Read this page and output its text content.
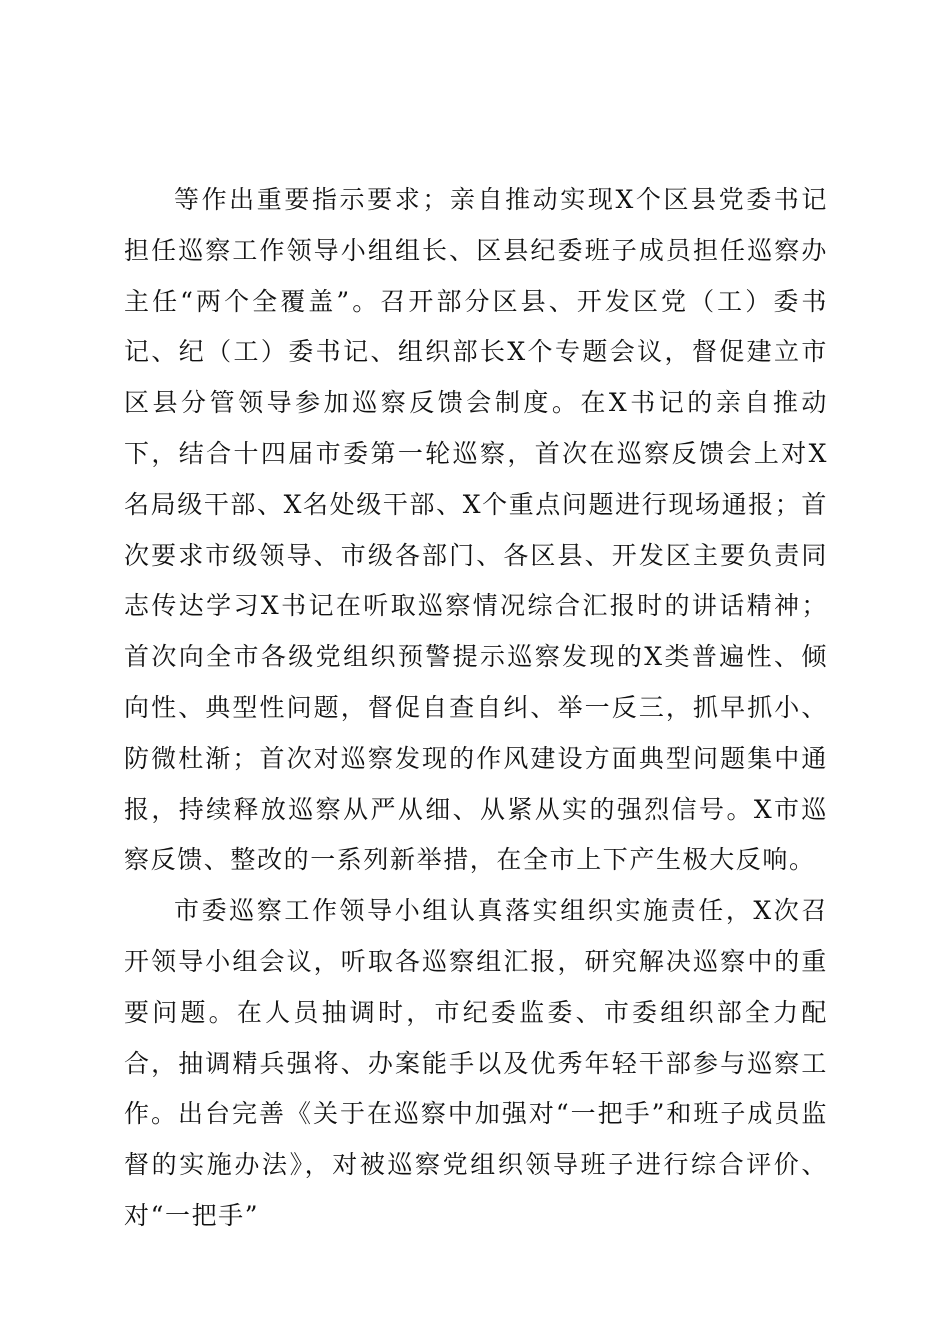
等作出重要指示要求；亲自推动实现X个区县党委书记担任巡察工作领导小组组长、区县纪委班子成员担任巡察办主任“两个全覆盖”。召开部分区县、开发区党（工）委书记、纪（工）委书记、组织部长X个专题会议，督促建立市区县分管领导参加巡察反馈会制度。在X书记的亲自推动下，结合十四届市委第一轮巡察，首次在巡察反馈会上对X名局级干部、X名处级干部、X个重点问题进行现场通报；首次要求市级领导、市级各部门、各区县、开发区主要负责同志传达学习X书记在听取巡察情况综合汇报时的讲话精神；首次向全市各级党组织预警提示巡察发现的X类普遍性、倾向性、典型性问题，督促自查自纠、举一反三，抓早抓小、防微杜渐；首次对巡察发现的作风建设方面典型问题集中通报，持续释放巡察从严从细、从紧从实的强烈信号。X市巡察反馈、整改的一系列新举措，在全市上下产生极大反响。

市委巡察工作领导小组认真落实组织实施责任，X次召开领导小组会议，听取各巡察组汇报，研究解决巡察中的重要问题。在人员抽调时，市纪委监委、市委组织部全力配合，抽调精兵强将、办案能手以及优秀年轻干部参与巡察工作。出台完善《关于在巡察中加强对“一把手”和班子成员监督的实施办法》，对被巡察党组织领导班子进行综合评价、对“一把手”
